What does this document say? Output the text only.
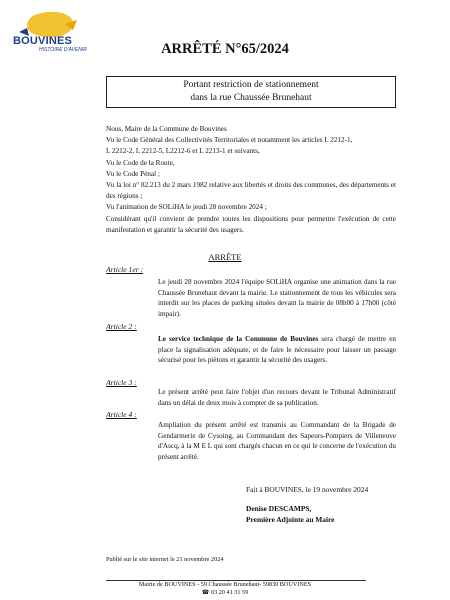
BOUVINES
HISTOIRE D'AVENIR	ARRÊTÉ N°65/2024
Portant restriction de stationnement
dans la rue Chaussée Brunehaut
Nous, Maire de la Commune de Bouvines
Vu le Code Général des Collectivités Territoriales et notamment les articles L 2212-1,
L 2212-2, L 2212-5, L2212-6 et L 2213-1 et suivants,
Vu le Code de la Route,
Vu le Code Pénal ;
Vu la loi n° 82.213 du 2 mars 1982 relative aux libertés et droits des communes, des départements et des régions ;
Vu l'animation de SOLiHA le jeudi 28 novembre 2024 ;
Considérant qu'il convient de prendre toutes les dispositions pour permettre l'exécution de cette manifestation et garantir la sécurité des usagers.
ARRÊTE
Article 1er :
Le jeudi 28 novembre 2024 l'équipe SOLiHA organise une animation dans la rue Chaussée Brunehaut devant la mairie. Le stationnement de tous les véhicules sera interdit sur les places de parking situées devant la mairie de 08h00 à 17h00 (côté impair).
Article 2 :
Le service technique de la Commune de Bouvines sera chargé de mettre en place la signalisation adéquate, et de faire le nécessaire pour laisser un passage sécurisé pour les piétons et garantir la sécurité des usagers.
Article 3 :
Le présent arrêté peut faire l'objet d'un recours devant le Tribunal Administratif dans un délai de deux mois à compter de sa publication.
Article 4 :
Ampliation du présent arrêté est transmis au Commandant de la Brigade de Gendarmerie de Cysoing, au Commandant des Sapeurs-Pompiers de Villeneuve d'Ascq, à la M E L qui sont chargés chacun en ce qui le concerne de l'exécution du présent arrêté.
Fait à BOUVINES, le 19 novembre 2024
Denise DESCAMPS,
Première Adjointe au Maire
Publié sur le site internet le 21 novembre 2024
Mairie de BOUVINES - 59 Chaussée Brunehaut- 59830 BOUVINES
☎ 03 20 41 31 59
